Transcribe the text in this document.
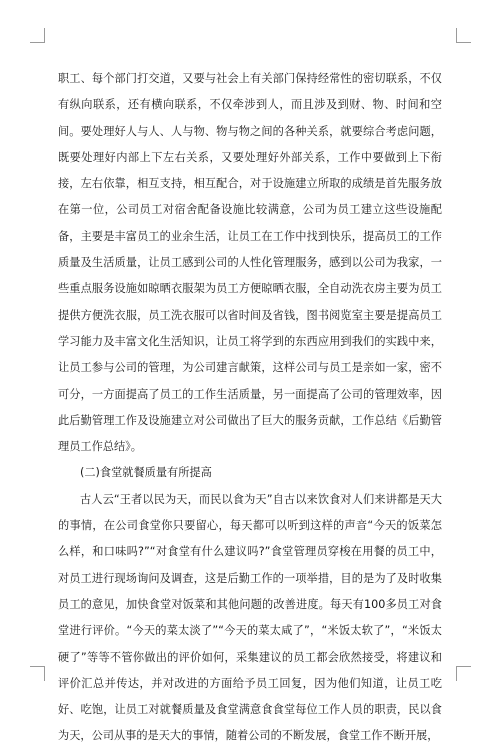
职工、每个部门打交道，又要与社会上有关部门保持经常性的密切联系，不仅有纵向联系，还有横向联系，不仅牵涉到人，而且涉及到财、物、时间和空间。要处理好人与人、人与物、物与物之间的各种关系，就要综合考虑问题，既要处理好内部上下左右关系，又要处理好外部关系，工作中要做到上下衔接，左右依靠，相互支持，相互配合，对于设施建立所取的成绩是首先服务放在第一位，公司员工对宿舍配备设施比较满意，公司为员工建立这些设施配备，主要是丰富员工的业余生活，让员工在工作中找到快乐，提高员工的工作质量及生活质量，让员工感到公司的人性化管理服务，感到以公司为我家，一些重点服务设施如晾晒衣服架为员工方便晾晒衣服，全自动洗衣房主要为员工提供方便洗衣服，员工洗衣服可以省时间及省钱，图书阅览室主要是提高员工学习能力及丰富文化生活知识，让员工将学到的东西应用到我们的实践中来，让员工参与公司的管理，为公司建言献策，这样公司与员工是亲如一家，密不可分，一方面提高了员工的工作生活质量，另一面提高了公司的管理效率，因此后勤管理工作及设施建立对公司做出了巨大的服务贡献，工作总结《后勤管理员工作总结》。

(二)食堂就餐质量有所提高

古人云“王者以民为天，而民以食为天”自古以来饮食对人们来讲都是天大的事情，在公司食堂你只要留心，每天都可以听到这样的声音“今天的饭菜怎么样，和口味吗?”“对食堂有什么建议吗?”食堂管理员穿梭在用餐的员工中，对员工进行现场询问及调查，这是后勤工作的一项举措，目的是为了及时收集员工的意见，加快食堂对饭菜和其他问题的改善进度。每天有100多员工对食堂进行评价。“今天的菜太淡了”“今天的菜太咸了”，“米饭太软了”，“米饭太硬了”等等不管你做出的评价如何，采集建议的员工都会欣然接受，将建议和评价汇总并传达，并对改进的方面给予员工回复，因为他们知道，让员工吃好、吃饱，让员工对就餐质量及食堂满意食食堂每位工作人员的职责，民以食为天，公司从事的是天大的事情，随着公司的不断发展，食堂工作不断开展，
